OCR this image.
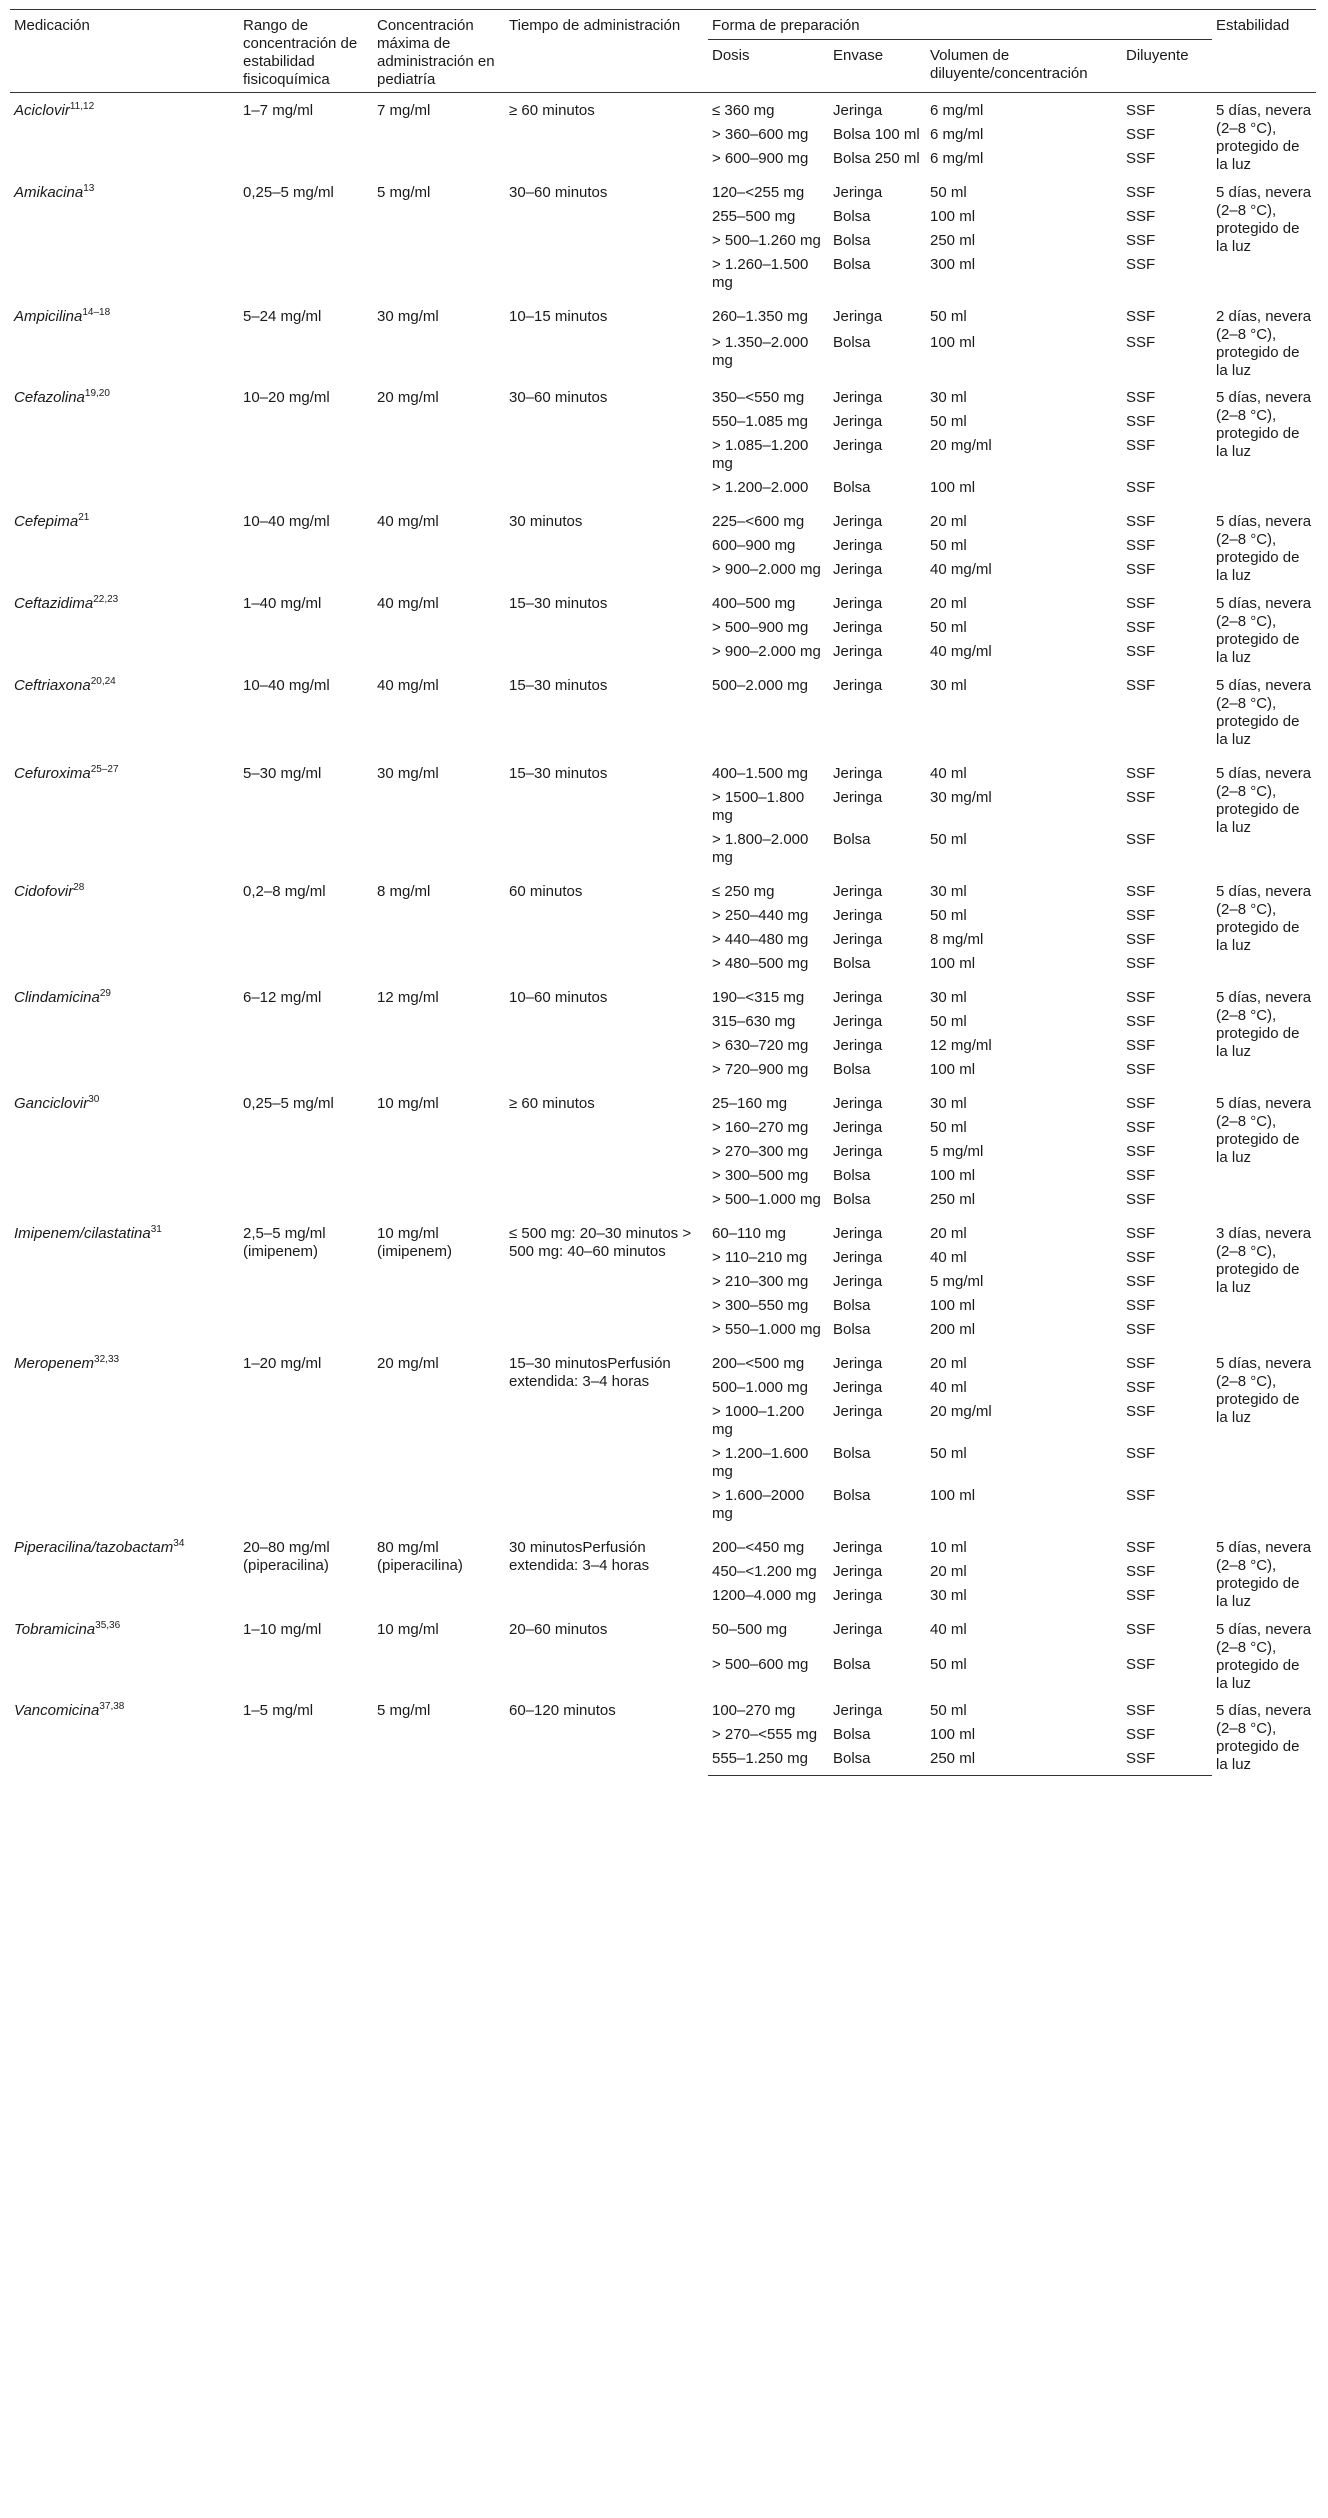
Medicación	Rango de concentración de estabilidad fisicoquímica	Concentración máxima de administración en pediatría	Tiempo de administración	Forma de preparación				Estabilidad
				Dosis	Envase	Volumen de diluyente/concentración	Diluyente	
Aciclovir$^{11,12}$	1–7 mg/ml	7 mg/ml	≥ 60 minutos	≤ 360 mg	Jeringa	6 mg/ml	SSF	5 días, nevera (2–8 °C), protegido de la luz
				> 360–600 mg	Bolsa 100 ml	6 mg/ml	SSF	
				> 600–900 mg	Bolsa 250 ml	6 mg/ml	SSF	
Amikacina$^{13}$	0,25–5 mg/ml	5 mg/ml	30–60 minutos	120–<255 mg	Jeringa	50 ml	SSF	5 días, nevera (2–8 °C), protegido de la luz
				255–500 mg	Bolsa	100 ml	SSF	
				> 500–1.260 mg	Bolsa	250 ml	SSF	
				> 1.260–1.500 mg	Bolsa	300 ml	SSF	
Ampicilina$^{14-18}$	5–24 mg/ml	30 mg/ml	10–15 minutos	260–1.350 mg	Jeringa	50 ml	SSF	2 días, nevera (2–8 °C), protegido de la luz
				> 1.350–2.000 mg	Bolsa	100 ml	SSF	
Cefazolina$^{19,20}$	10–20 mg/ml	20 mg/ml	30–60 minutos	350–<550 mg	Jeringa	30 ml	SSF	5 días, nevera (2–8 °C), protegido de la luz
				550–1.085 mg	Jeringa	50 ml	SSF	
				> 1.085–1.200 mg	Jeringa	20 mg/ml	SSF	
				> 1.200–2.000	Bolsa	100 ml	SSF	
Cefepima$^{21}$	10–40 mg/ml	40 mg/ml	30 minutos	225–<600 mg	Jeringa	20 ml	SSF	5 días, nevera (2–8 °C), protegido de la luz
				600–900 mg	Jeringa	50 ml	SSF	
				> 900–2.000 mg	Jeringa	40 mg/ml	SSF	
Ceftazidima$^{22,23}$	1–40 mg/ml	40 mg/ml	15–30 minutos	400–500 mg	Jeringa	20 ml	SSF	5 días, nevera (2–8 °C), protegido de la luz
				> 500–900 mg	Jeringa	50 ml	SSF	
				> 900–2.000 mg	Jeringa	40 mg/ml	SSF	
Ceftriaxona$^{20,24}$	10–40 mg/ml	40 mg/ml	15–30 minutos	500–2.000 mg	Jeringa	30 ml	SSF	5 días, nevera (2–8 °C), protegido de la luz
Cefuroxima$^{25-27}$	5–30 mg/ml	30 mg/ml	15–30 minutos	400–1.500 mg	Jeringa	40 ml	SSF	5 días, nevera (2–8 °C), protegido de la luz
				> 1500–1.800 mg	Jeringa	30 mg/ml	SSF	
				> 1.800–2.000 mg	Bolsa	50 ml	SSF	
Cidofovir$^{28}$	0,2–8 mg/ml	8 mg/ml	60 minutos	≤ 250 mg	Jeringa	30 ml	SSF	5 días, nevera (2–8 °C), protegido de la luz
				> 250–440 mg	Jeringa	50 ml	SSF	
				> 440–480 mg	Jeringa	8 mg/ml	SSF	
				> 480–500 mg	Bolsa	100 ml	SSF	
Clindamicina$^{29}$	6–12 mg/ml	12 mg/ml	10–60 minutos	190–<315 mg	Jeringa	30 ml	SSF	5 días, nevera (2–8 °C), protegido de la luz
				315–630 mg	Jeringa	50 ml	SSF	
				> 630–720 mg	Jeringa	12 mg/ml	SSF	
				> 720–900 mg	Bolsa	100 ml	SSF	
Ganciclovir$^{30}$	0,25–5 mg/ml	10 mg/ml	≥ 60 minutos	25–160 mg	Jeringa	30 ml	SSF	5 días, nevera (2–8 °C), protegido de la luz
				> 160–270 mg	Jeringa	50 ml	SSF	
				> 270–300 mg	Jeringa	5 mg/ml	SSF	
				> 300–500 mg	Bolsa	100 ml	SSF	
				> 500–1.000 mg	Bolsa	250 ml	SSF	
Imipenem/cilastatina$^{31}$	2,5–5 mg/ml (imipenem)	10 mg/ml (imipenem)	≤ 500 mg: 20–30 minutos > 500 mg: 40–60 minutos	60–110 mg	Jeringa	20 ml	SSF	3 días, nevera (2–8 °C), protegido de la luz
				> 110–210 mg	Jeringa	40 ml	SSF	
				> 210–300 mg	Jeringa	5 mg/ml	SSF	
				> 300–550 mg	Bolsa	100 ml	SSF	
				> 550–1.000 mg	Bolsa	200 ml	SSF	
Meropenem$^{32,33}$	1–20 mg/ml	20 mg/ml	15–30 minutosPerfusión extendida: 3–4 horas	200–<500 mg	Jeringa	20 ml	SSF	5 días, nevera (2–8 °C), protegido de la luz
				500–1.000 mg	Jeringa	40 ml	SSF	
				> 1000–1.200 mg	Jeringa	20 mg/ml	SSF	
				> 1.200–1.600 mg	Bolsa	50 ml	SSF	
				> 1.600–2000 mg	Bolsa	100 ml	SSF	
Piperacilina/tazobactam$^{34}$	20–80 mg/ml (piperacilina)	80 mg/ml (piperacilina)	30 minutosPerfusión extendida: 3–4 horas	200–<450 mg	Jeringa	10 ml	SSF	5 días, nevera (2–8 °C), protegido de la luz
				450–<1.200 mg	Jeringa	20 ml	SSF	
				1200–4.000 mg	Jeringa	30 ml	SSF	
Tobramicina$^{35,36}$	1–10 mg/ml	10 mg/ml	20–60 minutos	50–500 mg	Jeringa	40 ml	SSF	5 días, nevera (2–8 °C), protegido de la luz
				> 500–600 mg	Bolsa	50 ml	SSF	
Vancomicina$^{37,38}$	1–5 mg/ml	5 mg/ml	60–120 minutos	100–270 mg	Jeringa	50 ml	SSF	5 días, nevera (2–8 °C), protegido de la luz
				> 270–<555 mg	Bolsa	100 ml	SSF	
				555–1.250 mg	Bolsa	250 ml	SSF	
